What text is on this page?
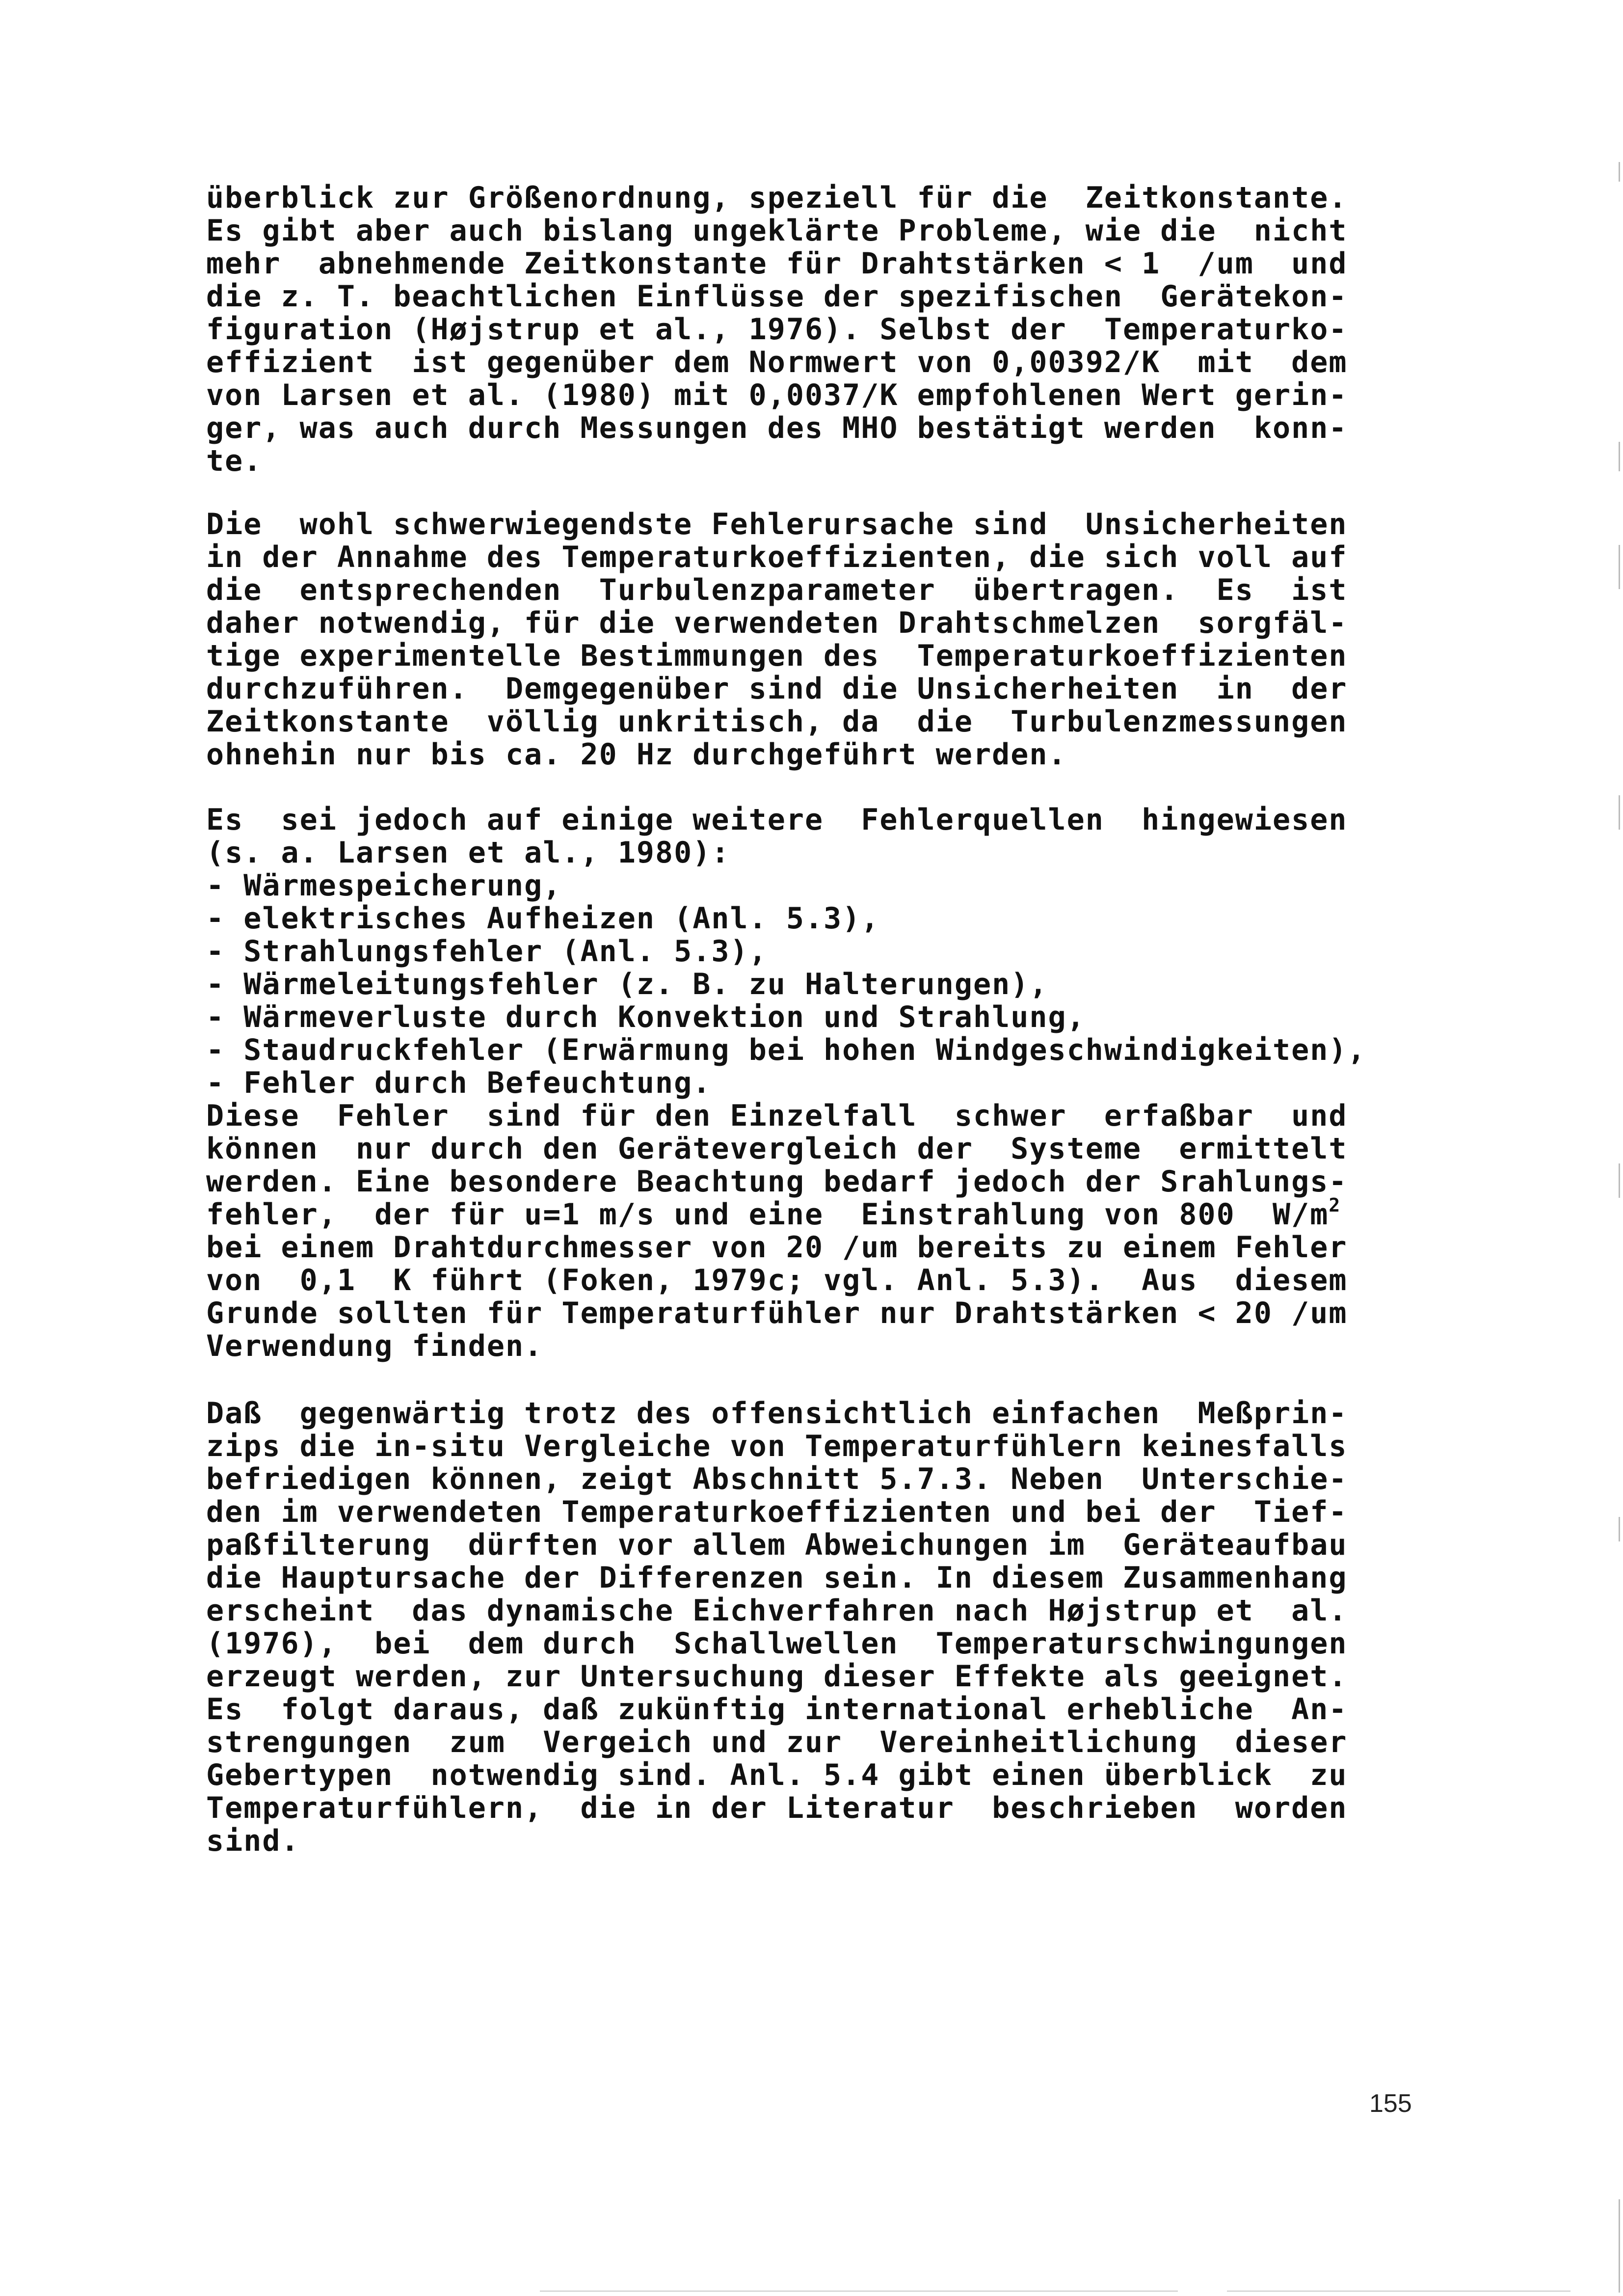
überblick zur Größenordnung, speziell für die  Zeitkonstante.
Es gibt aber auch bislang ungeklärte Probleme, wie die  nicht
mehr  abnehmende Zeitkonstante für Drahtstärken < 1  /um  und
die z. T. beachtlichen Einflüsse der spezifischen  Gerätekon-
figuration (Højstrup et al., 1976). Selbst der  Temperaturko-
effizient  ist gegenüber dem Normwert von 0,00392/K  mit  dem
von Larsen et al. (1980) mit 0,0037/K empfohlenen Wert gerin-
ger, was auch durch Messungen des MHO bestätigt werden  konn-
te.
Die  wohl schwerwiegendste Fehlerursache sind  Unsicherheiten
in der Annahme des Temperaturkoeffizienten, die sich voll auf
die  entsprechenden  Turbulenzparameter  übertragen.  Es  ist
daher notwendig, für die verwendeten Drahtschmelzen  sorgfäl-
tige experimentelle Bestimmungen des  Temperaturkoeffizienten
durchzuführen.  Demgegenüber sind die Unsicherheiten  in  der
Zeitkonstante  völlig unkritisch, da  die  Turbulenzmessungen
ohnehin nur bis ca. 20 Hz durchgeführt werden.
Es  sei jedoch auf einige weitere  Fehlerquellen  hingewiesen
(s. a. Larsen et al., 1980):
- Wärmespeicherung,
- elektrisches Aufheizen (Anl. 5.3),
- Strahlungsfehler (Anl. 5.3),
- Wärmeleitungsfehler (z. B. zu Halterungen),
- Wärmeverluste durch Konvektion und Strahlung,
- Staudruckfehler (Erwärmung bei hohen Windgeschwindigkeiten),
- Fehler durch Befeuchtung.
Diese  Fehler  sind für den Einzelfall  schwer  erfaßbar  und
können  nur durch den Gerätevergleich der  Systeme  ermittelt
werden. Eine besondere Beachtung bedarf jedoch der Srahlungs-
fehler,  der für u=1 m/s und eine  Einstrahlung von 800  $W/m^2$
bei einem Drahtdurchmesser von 20 /um bereits zu einem Fehler
von  0,1  K führt (Foken, 1979c; vgl. Anl. 5.3).  Aus  diesem
Grunde sollten für Temperaturfühler nur Drahtstärken < 20 /um
Verwendung finden.
Daß  gegenwärtig trotz des offensichtlich einfachen  Meßprin-
zips die in-situ Vergleiche von Temperaturfühlern keinesfalls
befriedigen können, zeigt Abschnitt 5.7.3. Neben  Unterschie-
den im verwendeten Temperaturkoeffizienten und bei der  Tief-
paßfilterung  dürften vor allem Abweichungen im  Geräteaufbau
die Hauptursache der Differenzen sein. In diesem Zusammenhang
erscheint  das dynamische Eichverfahren nach Højstrup et  al.
(1976),  bei  dem durch  Schallwellen  Temperaturschwingungen
erzeugt werden, zur Untersuchung dieser Effekte als geeignet.
Es  folgt daraus, daß zukünftig international erhebliche  An-
strengungen  zum  Vergeich und zur  Vereinheitlichung  dieser
Gebertypen  notwendig sind. Anl. 5.4 gibt einen überblick  zu
Temperaturfühlern,  die in der Literatur  beschrieben  worden
sind.
155
